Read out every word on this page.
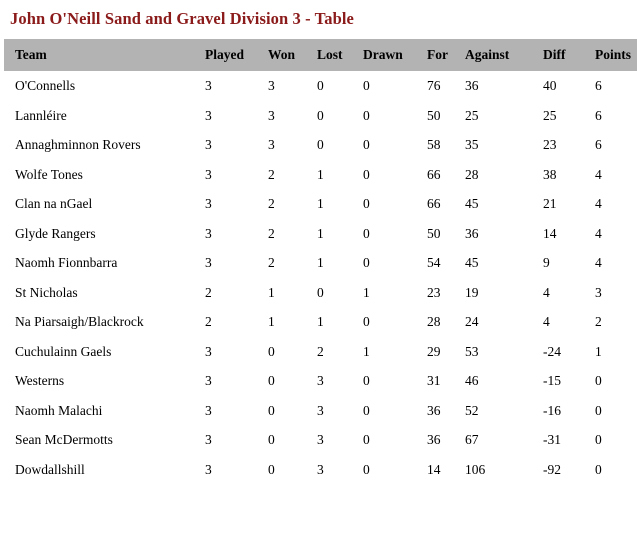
John O'Neill Sand and Gravel Division 3 - Table
Team	Played	Won	Lost	Drawn	For	Against	Diff	Points
O'Connells	3	3	0	0	76	36	40	6
Lannléire	3	3	0	0	50	25	25	6
Annaghminnon Rovers	3	3	0	0	58	35	23	6
Wolfe Tones	3	2	1	0	66	28	38	4
Clan na nGael	3	2	1	0	66	45	21	4
Glyde Rangers	3	2	1	0	50	36	14	4
Naomh Fionnbarra	3	2	1	0	54	45	9	4
St Nicholas	2	1	0	1	23	19	4	3
Na Piarsaigh/Blackrock	2	1	1	0	28	24	4	2
Cuchulainn Gaels	3	0	2	1	29	53	-24	1
Westerns	3	0	3	0	31	46	-15	0
Naomh Malachi	3	0	3	0	36	52	-16	0
Sean McDermotts	3	0	3	0	36	67	-31	0
Dowdallshill	3	0	3	0	14	106	-92	0
